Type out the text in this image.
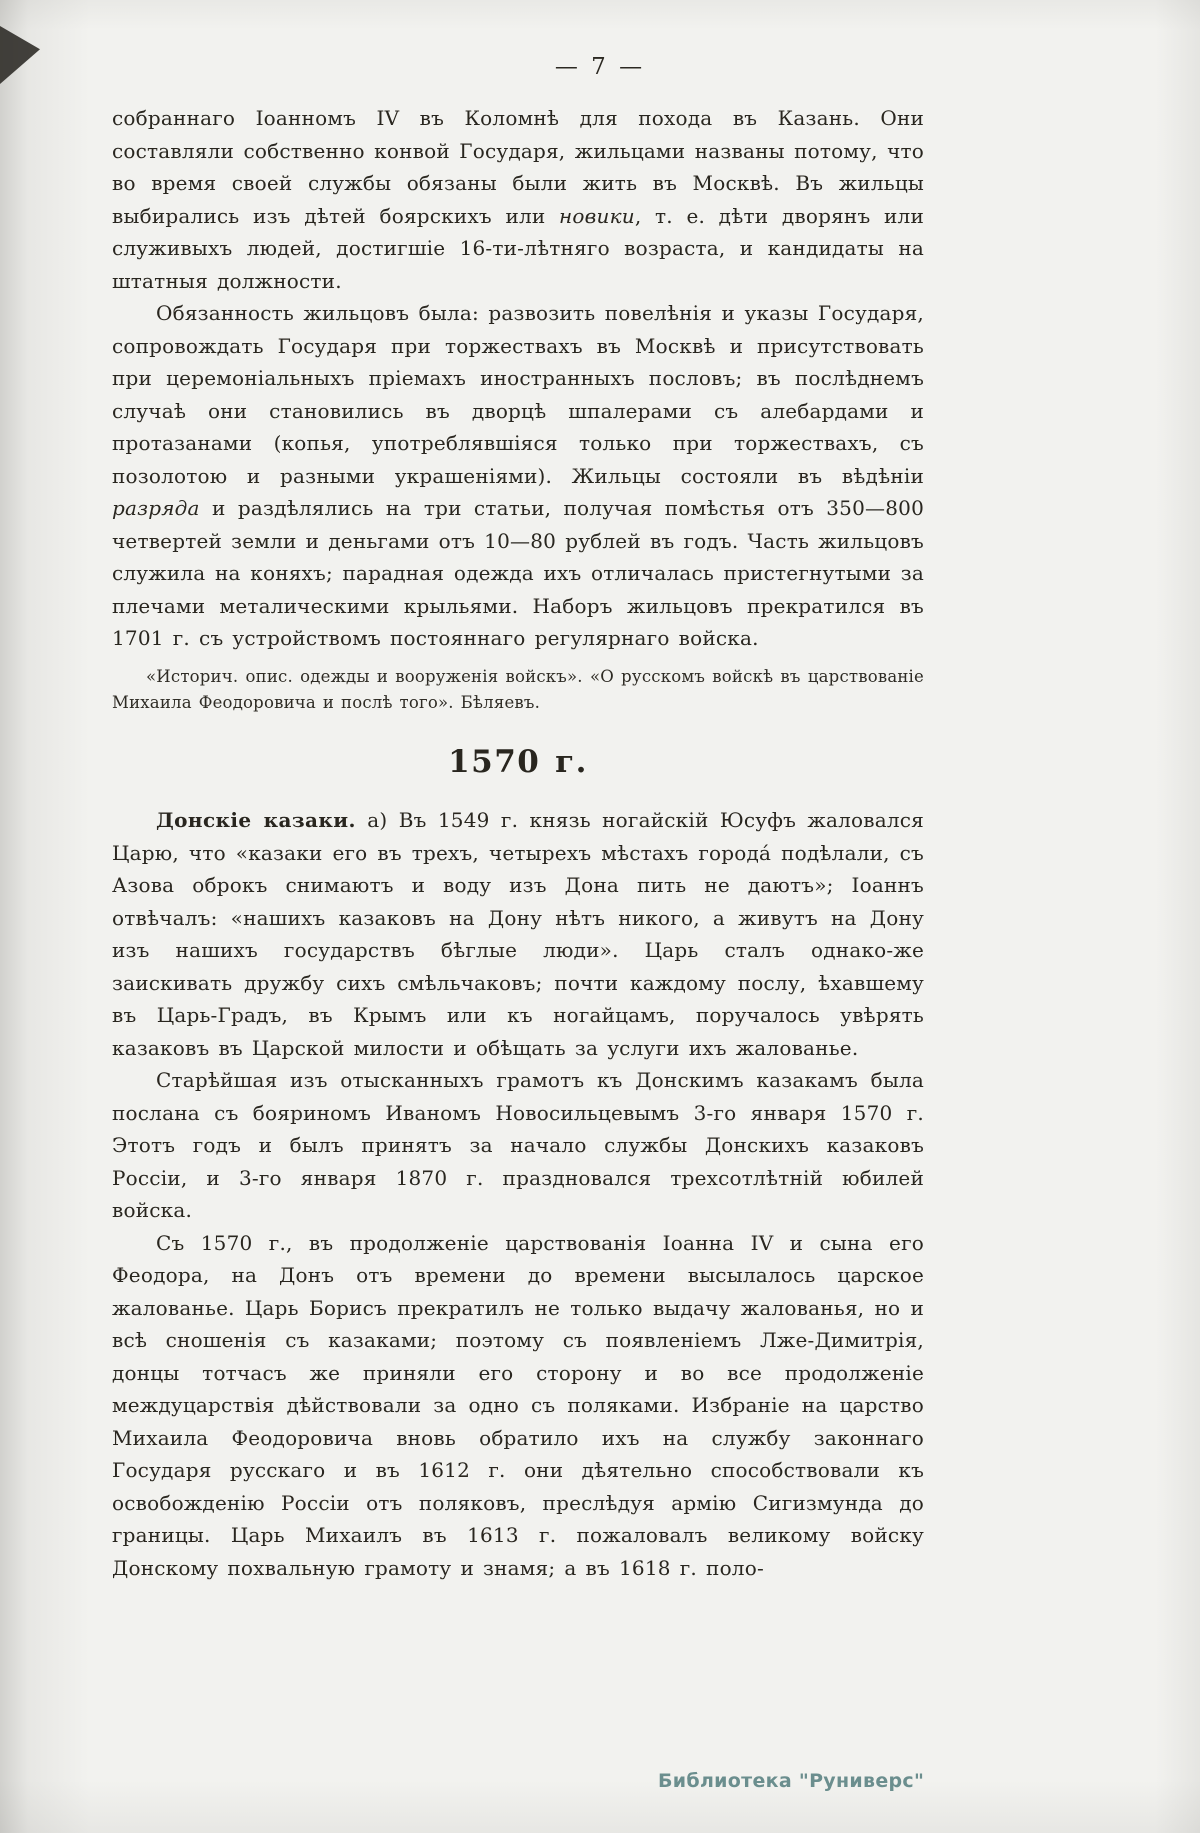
— 7 —
собраннаго Іоанномъ IV въ Коломнѣ для похода въ Казань. Они составляли собственно конвой Государя, жильцами названы потому, что во время своей службы обязаны были жить въ Москвѣ. Въ жильцы выбирались изъ дѣтей боярскихъ или новики, т. е. дѣти дворянъ или служивыхъ людей, достигшіе 16-ти-лѣтняго возраста, и кандидаты на штатныя должности.
Обязанность жильцовъ была: развозить повелѣнія и указы Государя, сопровождать Государя при торжествахъ въ Москвѣ и присутствовать при церемоніальныхъ пріемахъ иностранныхъ пословъ; въ послѣднемъ случаѣ они становились въ дворцѣ шпалерами съ алебардами и протазанами (копья, употреблявшіяся только при торжествахъ, съ позолотою и разными украшеніями). Жильцы состояли въ вѣдѣніи разряда и раздѣлялись на три статьи, получая помѣстья отъ 350—800 четвертей земли и деньгами отъ 10—80 рублей въ годъ. Часть жильцовъ служила на коняхъ; парадная одежда ихъ отличалась пристегнутыми за плечами металическими крыльями. Наборъ жильцовъ прекратился въ 1701 г. съ устройствомъ постояннаго регулярнаго войска.
«Историч. опис. одежды и вооруженія войскъ». «О русскомъ войскѣ въ царствованіе Михаила Феодоровича и послѣ того». Бѣляевъ.
1570 г.
Донскіе казаки. а) Въ 1549 г. князь ногайскій Юсуфъ жаловался Царю, что «казаки его въ трехъ, четырехъ мѣстахъ города́ подѣлали, съ Азова оброкъ снимаютъ и воду изъ Дона пить не даютъ»; Іоаннъ отвѣчалъ: «нашихъ казаковъ на Дону нѣтъ никого, а живутъ на Дону изъ нашихъ государствъ бѣглые люди». Царь сталъ однако-же заискивать дружбу сихъ смѣльчаковъ; почти каждому послу, ѣхавшему въ Царь-Градъ, въ Крымъ или къ ногайцамъ, поручалось увѣрять казаковъ въ Царской милости и обѣщать за услуги ихъ жалованье.
Старѣйшая изъ отысканныхъ грамотъ къ Донскимъ казакамъ была послана съ бояриномъ Иваномъ Новосильцевымъ 3-го января 1570 г. Этотъ годъ и былъ принятъ за начало службы Донскихъ казаковъ Россіи, и 3-го января 1870 г. праздновался трехсотлѣтній юбилей войска.
Съ 1570 г., въ продолженіе царствованія Іоанна IV и сына его Феодора, на Донъ отъ времени до времени высылалось царское жалованье. Царь Борисъ прекратилъ не только выдачу жалованья, но и всѣ сношенія съ казаками; поэтому съ появленіемъ Лже-Димитрія, донцы тотчасъ же приняли его сторону и во все продолженіе междуцарствія дѣйствовали за одно съ поляками. Избраніе на царство Михаила Феодоровича вновь обратило ихъ на службу законнаго Государя русскаго и въ 1612 г. они дѣятельно способствовали къ освобожденію Россіи отъ поляковъ, преслѣдуя армію Сигизмунда до границы. Царь Михаилъ въ 1613 г. пожаловалъ великому войску Донскому похвальную грамоту и знамя; а въ 1618 г. поло-
Библиотека "Руниверс"
